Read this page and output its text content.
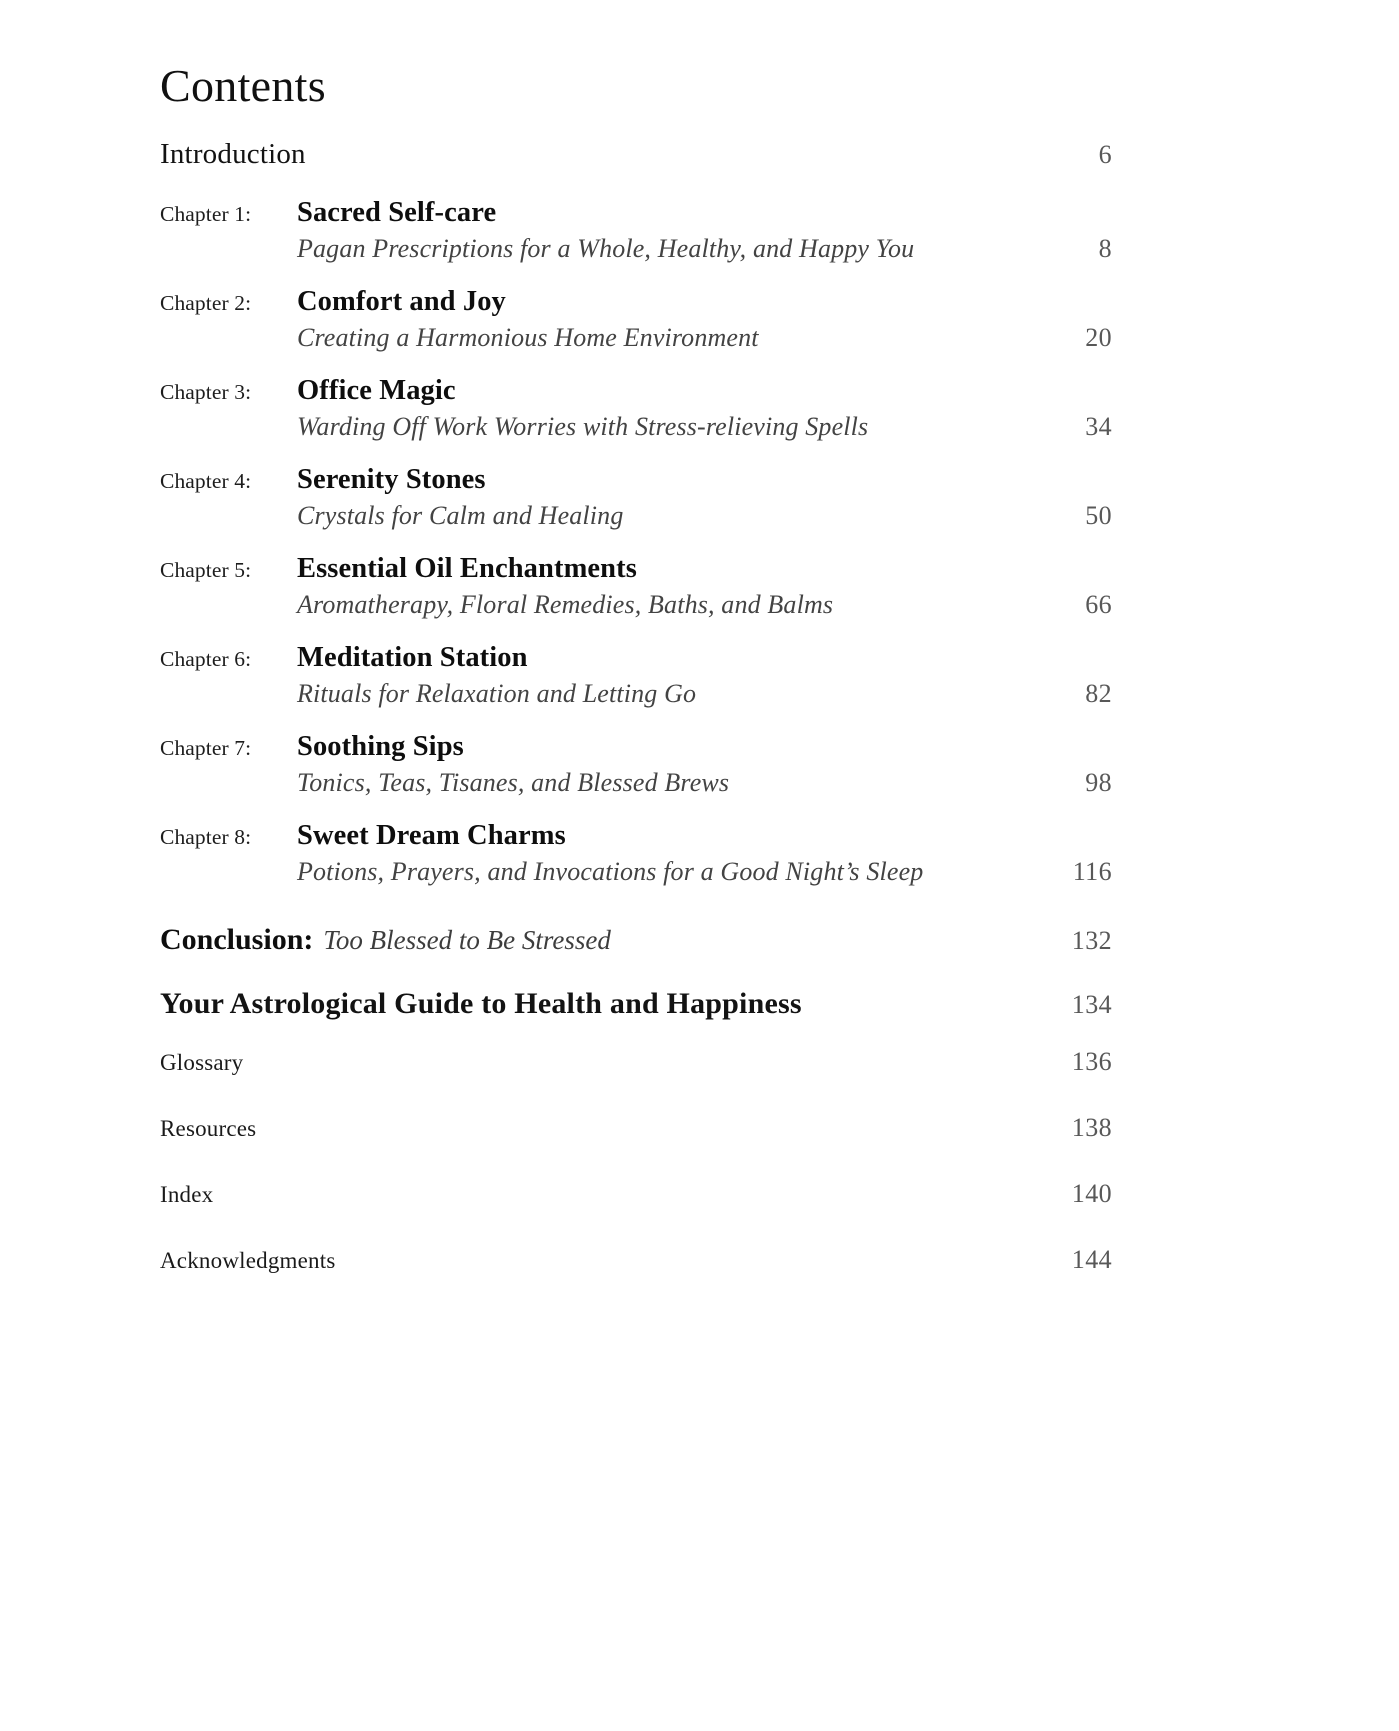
Contents
Introduction	6
Chapter 1:	Sacred Self-care
Pagan Prescriptions for a Whole, Healthy, and Happy You	8
Chapter 2:	Comfort and Joy
Creating a Harmonious Home Environment	20
Chapter 3:	Office Magic
Warding Off Work Worries with Stress-relieving Spells	34
Chapter 4:	Serenity Stones
Crystals for Calm and Healing	50
Chapter 5:	Essential Oil Enchantments
Aromatherapy, Floral Remedies, Baths, and Balms	66
Chapter 6:	Meditation Station
Rituals for Relaxation and Letting Go	82
Chapter 7:	Soothing Sips
Tonics, Teas, Tisanes, and Blessed Brews	98
Chapter 8:	Sweet Dream Charms
Potions, Prayers, and Invocations for a Good Night’s Sleep	116
Conclusion: Too Blessed to Be Stressed	132
Your Astrological Guide to Health and Happiness	134
Glossary	136
Resources	138
Index	140
Acknowledgments	144
